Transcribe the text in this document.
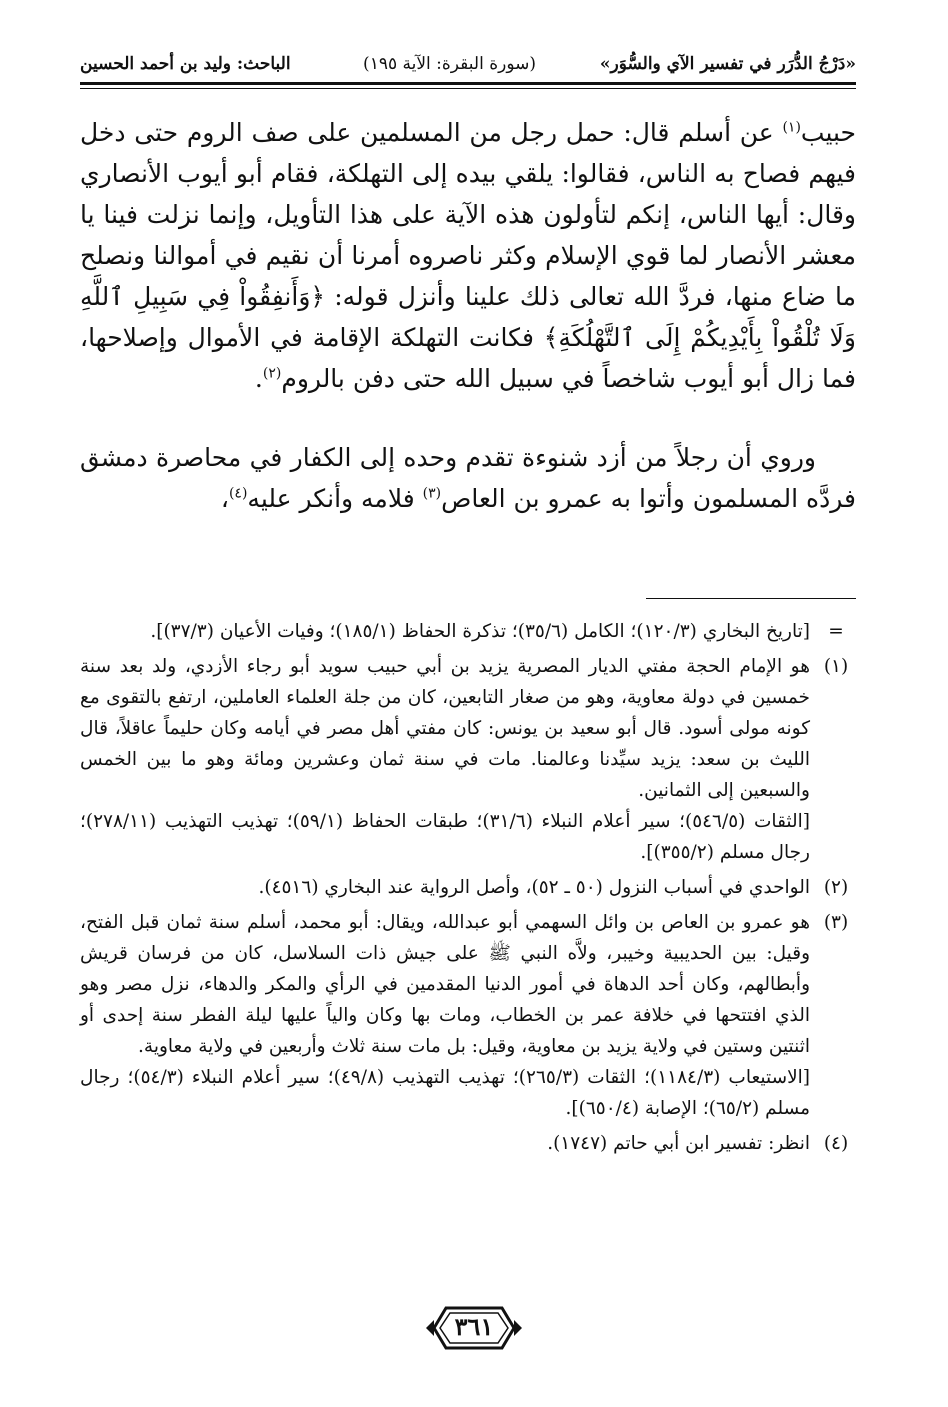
«دَرْجُ الدُّرَر في تفسير الآي والسُّوَر»
(سورة البقرة: الآية ١٩٥)
الباحث: وليد بن أحمد الحسين

حبيب$^{(١)}$ عن أسلم قال: حمل رجل من المسلمين على صف الروم حتى دخل فيهم فصاح به الناس، فقالوا: يلقي بيده إلى التهلكة، فقام أبو أيوب الأنصاري وقال: أيها الناس، إنكم لتأولون هذه الآية على هذا التأويل، وإنما نزلت فينا يا معشر الأنصار لما قوي الإسلام وكثر ناصروه أمرنا أن نقيم في أموالنا ونصلح ما ضاع منها، فردَّ الله تعالى ذلك علينا وأنزل قوله: ﴿وَأَنفِقُواْ فِي سَبِيلِ ٱللَّهِ وَلَا تُلْقُواْ بِأَيْدِيكُمْ إِلَى ٱلتَّهْلُكَةِ﴾ فكانت التهلكة الإقامة في الأموال وإصلاحها، فما زال أبو أيوب شاخصاً في سبيل الله حتى دفن بالروم$^{(٢)}$.

وروي أن رجلاً من أزد شنوءة تقدم وحده إلى الكفار في محاصرة دمشق فردَّه المسلمون وأتوا به عمرو بن العاص$^{(٣)}$ فلامه وأنكر عليه$^{(٤)}$،

=
[تاريخ البخاري (١٢٠/٣)؛ الكامل (٣٥/٦)؛ تذكرة الحفاظ (١٨٥/١)؛ وفيات الأعيان (٣٧/٣)].
(١)
هو الإمام الحجة مفتي الديار المصرية يزيد بن أبي حبيب سويد أبو رجاء الأزدي، ولد بعد سنة خمسين في دولة معاوية، وهو من صغار التابعين، كان من جلة العلماء العاملين، ارتفع بالتقوى مع كونه مولى أسود. قال أبو سعيد بن يونس: كان مفتي أهل مصر في أيامه وكان حليماً عاقلاً، قال الليث بن سعد: يزيد سيِّدنا وعالمنا. مات في سنة ثمان وعشرين ومائة وهو ما بين الخمس والسبعين إلى الثمانين.
[الثقات (٥٤٦/٥)؛ سير أعلام النبلاء (٣١/٦)؛ طبقات الحفاظ (٥٩/١)؛ تهذيب التهذيب (٢٧٨/١١)؛ رجال مسلم (٣٥٥/٢)].
(٢)
الواحدي في أسباب النزول (٥٠ ـ ٥٢)، وأصل الرواية عند البخاري (٤٥١٦).
(٣)
هو عمرو بن العاص بن وائل السهمي أبو عبدالله، ويقال: أبو محمد، أسلم سنة ثمان قبل الفتح، وقيل: بين الحديبية وخيبر، ولاَّه النبي ﷺ على جيش ذات السلاسل، كان من فرسان قريش وأبطالهم، وكان أحد الدهاة في أمور الدنيا المقدمين في الرأي والمكر والدهاء، نزل مصر وهو الذي افتتحها في خلافة عمر بن الخطاب، ومات بها وكان والياً عليها ليلة الفطر سنة إحدى أو اثنتين وستين في ولاية يزيد بن معاوية، وقيل: بل مات سنة ثلاث وأربعين في ولاية معاوية.
[الاستيعاب (١١٨٤/٣)؛ الثقات (٢٦٥/٣)؛ تهذيب التهذيب (٤٩/٨)؛ سير أعلام النبلاء (٥٤/٣)؛ رجال مسلم (٦٥/٢)؛ الإصابة (٦٥٠/٤)].
(٤)
انظر: تفسير ابن أبي حاتم (١٧٤٧).
٣٦١
